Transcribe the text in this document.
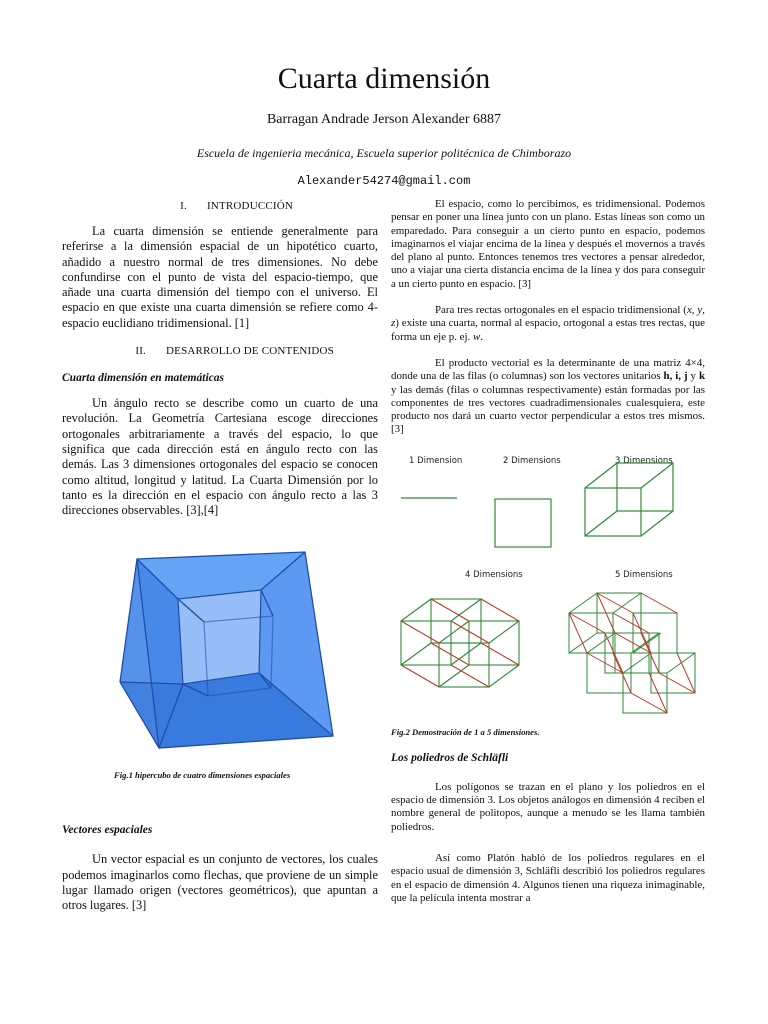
Cuarta dimensión
Barragan Andrade Jerson Alexander 6887
Escuela de ingenieria mecánica, Escuela superior politécnica de Chimborazo
Alexander54274@gmail.com
I. INTRODUCCIÓN

La cuarta dimensión se entiende generalmente para referirse a la dimensión espacial de un hipotético cuarto, añadido a nuestro normal de tres dimensiones. No debe confundirse con el punto de vista del espacio-tiempo, que añade una cuarta dimensión del tiempo con el universo. El espacio en que existe una cuarta dimensión se refiere como 4-espacio euclidiano tridimensional. [1]

II. DESARROLLO DE CONTENIDOS
Cuarta dimensión en matemáticas

Un ángulo recto se describe como un cuarto de una revolución. La Geometría Cartesiana escoge direcciones ortogonales arbitrariamente a través del espacio, lo que significa que cada dirección está en ángulo recto con las demás. Las 3 dimensiones ortogonales del espacio se conocen como altitud, longitud y latitud. La Cuarta Dimensión por lo tanto es la dirección en el espacio con ángulo recto a las 3 direcciones observables. [3],[4]

Fig.1 hipercubo de cuatro dimensiones espaciales
Vectores espaciales

Un vector espacial es un conjunto de vectores, los cuales podemos imaginarlos como flechas, que proviene de un simple lugar llamado origen (vectores geométricos), que apuntan a otros lugares. [3]

El espacio, como lo percibimos, es tridimensional. Podemos pensar en poner una línea junto con un plano. Estas líneas son como un emparedado. Para conseguir a un cierto punto en espacio, podemos imaginarnos el viajar encima de la línea y después el movernos a través del plano al punto. Entonces tenemos tres vectores a pensar alrededor, uno a viajar una cierta distancia encima de la línea y dos para conseguir a un cierto punto en espacio. [3]

Para tres rectas ortogonales en el espacio tridimensional (x, y, z) existe una cuarta, normal al espacio, ortogonal a estas tres rectas, que forma un eje p. ej. w.

El producto vectorial es la determinante de una matriz 4×4, donde una de las filas (o columnas) son los vectores unitarios h, i, j y k y las demás (filas o columnas respectivamente) están formadas por las componentes de tres vectores cuadradimensionales cualesquiera, este producto nos dará un cuarto vector perpendicular a estos tres mismos. [3]

1 Dimension	2 Dimensions	3 Dimensions
4 Dimensions	5 Dimensions
Fig.2 Demostración de 1 a 5 dimensiones.
Los poliedros de Schläfli

Los polígonos se trazan en el plano y los poliedros en el espacio de dimensión 3. Los objetos análogos en dimensión 4 reciben el nombre general de politopos, aunque a menudo se les llama también poliedros.

Así como Platón habló de los poliedros regulares en el espacio usual de dimensión 3, Schläfli describió los poliedros regulares en el espacio de dimensión 4. Algunos tienen una riqueza inimaginable, que la película intenta mostrar a
